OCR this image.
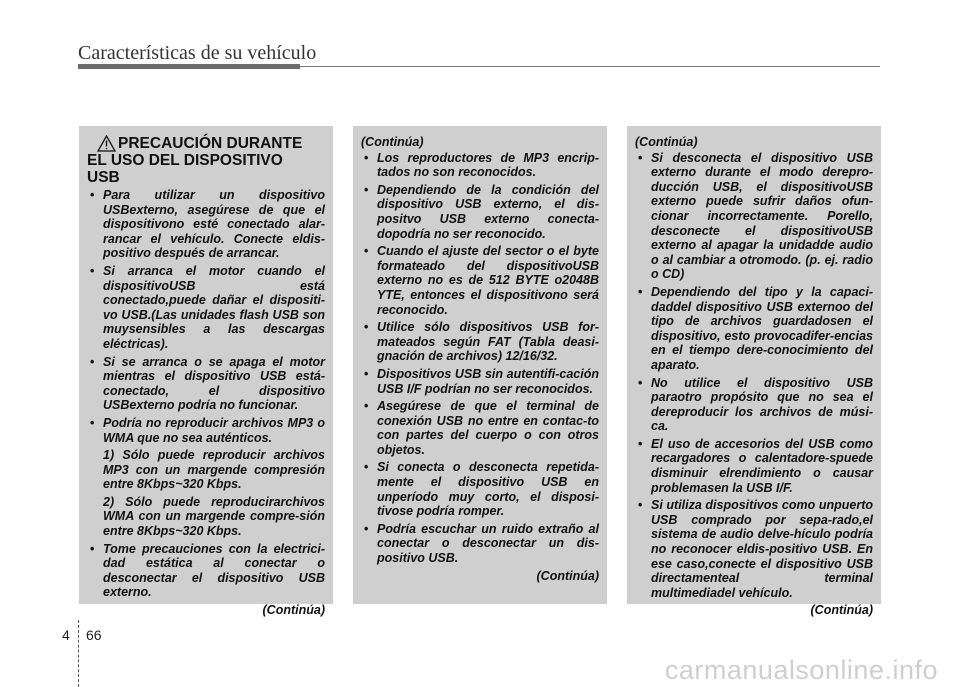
Características de su vehículo
PRECAUCIÓN DURANTE
EL USO DEL DISPOSITIVO
USB
• Para utilizar un dispositivo USBexterno, asegúrese de que el dispositivono esté conectado alar-rancar el vehículo. Conecte eldis-positivo después de arrancar.
• Si arranca el motor cuando el dispositivoUSB está conectado,puede dañar el dispositi-vo USB.(Las unidades flash USB son muysensibles a las descargas eléctricas).
• Si se arranca o se apaga el motor mientras el dispositivo USB está-conectado, el dispositivo USBexterno podría no funcionar.
• Podría no reproducir archivos MP3 o WMA que no sea auténticos.
1) Sólo puede reproducir archivos MP3 con un margende compresión entre 8Kbps~320 Kbps.
2) Sólo puede reproducirarchivos WMA con un margende compre-sión entre 8Kbps~320 Kbps.
• Tome precauciones con la electrici-dad estática al conectar o desconectar el dispositivo USB externo.
(Continúa)
(Continúa)
• Los reproductores de MP3 encrip-tados no son reconocidos.
• Dependiendo de la condición del dispositivo USB externo, el dis-positvo USB externo conecta-dopodría no ser reconocido.
• Cuando el ajuste del sector o el byte formateado del dispositivoUSB externo no es de 512 BYTE o2048B YTE, entonces el dispositivono será reconocido.
• Utilice sólo dispositivos USB for-mateados según FAT (Tabla deasi-gnación de archivos) 12/16/32.
• Dispositivos USB sin autentifi-cación USB I/F podrían no ser reconocidos.
• Asegúrese de que el terminal de conexión USB no entre en contac-to con partes del cuerpo o con otros objetos.
• Si conecta o desconecta repetida-mente el dispositivo USB en unperíodo muy corto, el disposi-tivose podría romper.
• Podría escuchar un ruido extraño al conectar o desconectar un dis-positivo USB.
(Continúa)
(Continúa)
• Si desconecta el dispositivo USB externo durante el modo derepro-ducción USB, el dispositivoUSB externo puede sufrir daños ofun-cionar incorrectamente. Porello, desconecte el dispositivoUSB externo al apagar la unidadde audio o al cambiar a otromodo. (p. ej. radio o CD)
• Dependiendo del tipo y la capaci-daddel dispositivo USB externoo del tipo de archivos guardadosen el dispositivo, esto provocadifer-encias en el tiempo dere-conocimiento del aparato.
• No utilice el dispositivo USB paraotro propósito que no sea el dereproducir los archivos de músi-ca.
• El uso de accesorios del USB como recargadores o calentadore-spuede disminuir elrendimiento o causar problemasen la USB I/F.
• Si utiliza dispositivos como unpuerto USB comprado por sepa-rado,el sistema de audio delve-hículo podría no reconocer eldis-positivo USB. En ese caso,conecte el dispositivo USB directamenteal terminal multimediadel vehículo.
(Continúa)
4 66
carmanualsonline.info
